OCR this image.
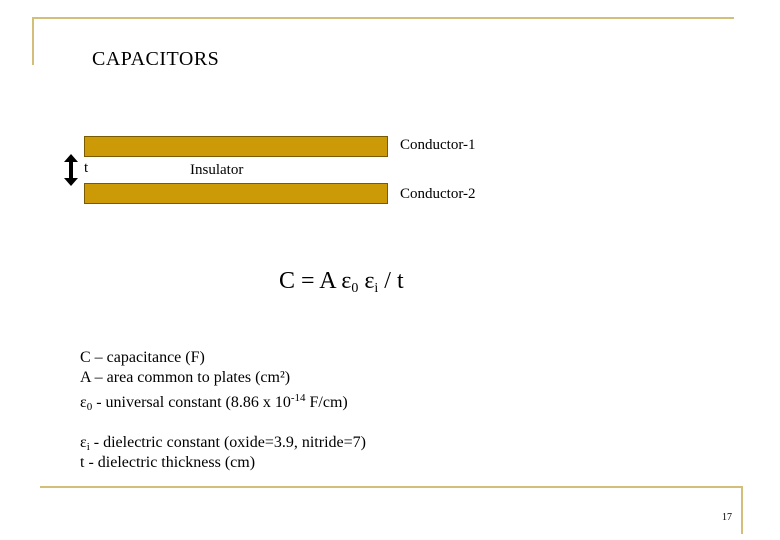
CAPACITORS
Conductor-1
t	Insulator
Conductor-2
C = A $\varepsilon_0$ $\varepsilon_i$ / t
C – capacitance (F)
A – area common to plates (cm²)
$\varepsilon_0$ - universal constant (8.86 x $10^{-14}$ F/cm)
$\varepsilon_i$ - dielectric constant (oxide=3.9, nitride=7)
t - dielectric thickness (cm)
17
